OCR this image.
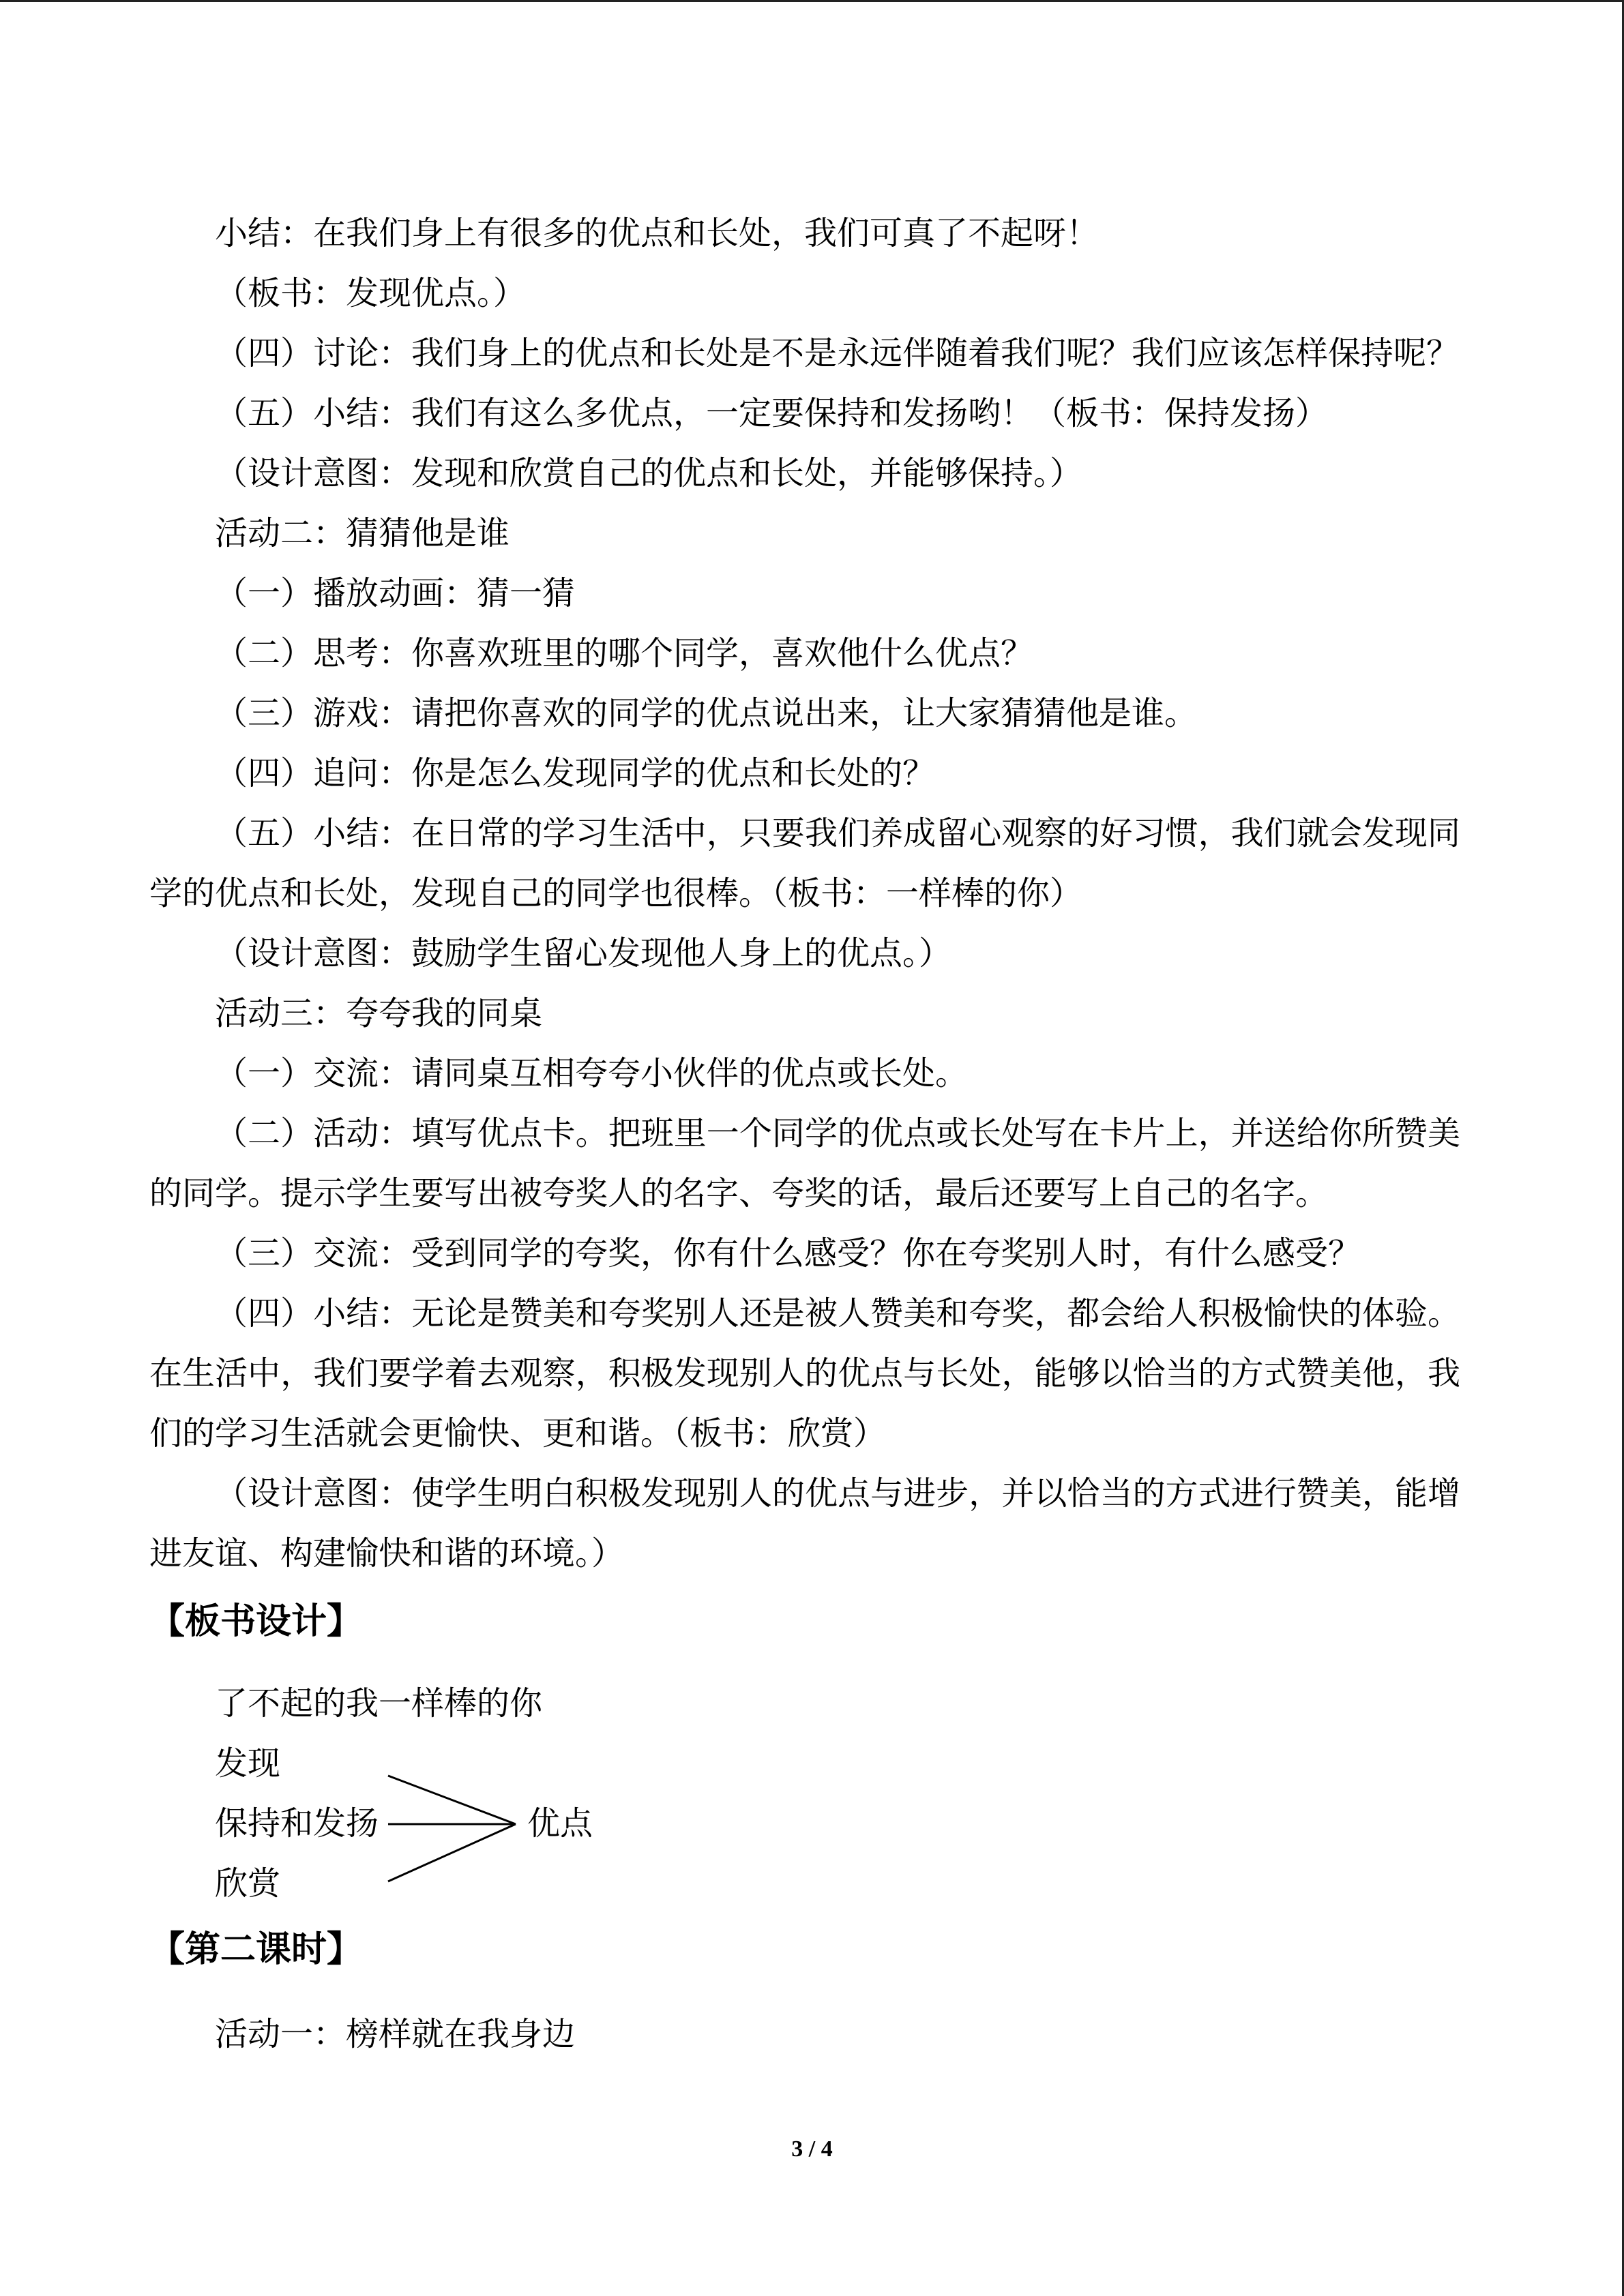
小结：在我们身上有很多的优点和长处，我们可真了不起呀！

（板书：发现优点。）

（四）讨论：我们身上的优点和长处是不是永远伴随着我们呢？我们应该怎样保持呢？

（五）小结：我们有这么多优点，一定要保持和发扬哟！（板书：保持发扬）

（设计意图：发现和欣赏自己的优点和长处，并能够保持。）

活动二：猜猜他是谁

（一）播放动画：猜一猜

（二）思考：你喜欢班里的哪个同学，喜欢他什么优点？

（三）游戏：请把你喜欢的同学的优点说出来，让大家猜猜他是谁。

（四）追问：你是怎么发现同学的优点和长处的？

（五）小结：在日常的学习生活中，只要我们养成留心观察的好习惯，我们就会发现同学的优点和长处，发现自己的同学也很棒。（板书：一样棒的你）

（设计意图：鼓励学生留心发现他人身上的优点。）

活动三：夸夸我的同桌

（一）交流：请同桌互相夸夸小伙伴的优点或长处。

（二）活动：填写优点卡。把班里一个同学的优点或长处写在卡片上，并送给你所赞美的同学。提示学生要写出被夸奖人的名字、夸奖的话，最后还要写上自己的名字。

（三）交流：受到同学的夸奖，你有什么感受？你在夸奖别人时，有什么感受？

（四）小结：无论是赞美和夸奖别人还是被人赞美和夸奖，都会给人积极愉快的体验。在生活中，我们要学着去观察，积极发现别人的优点与长处，能够以恰当的方式赞美他，我们的学习生活就会更愉快、更和谐。（板书：欣赏）

（设计意图：使学生明白积极发现别人的优点与进步，并以恰当的方式进行赞美，能增进友谊、构建愉快和谐的环境。）

【板书设计】
了不起的我一样棒的你
发现
保持和发扬
欣赏
优点
【第二课时】

活动一：榜样就在我身边

3 / 4
